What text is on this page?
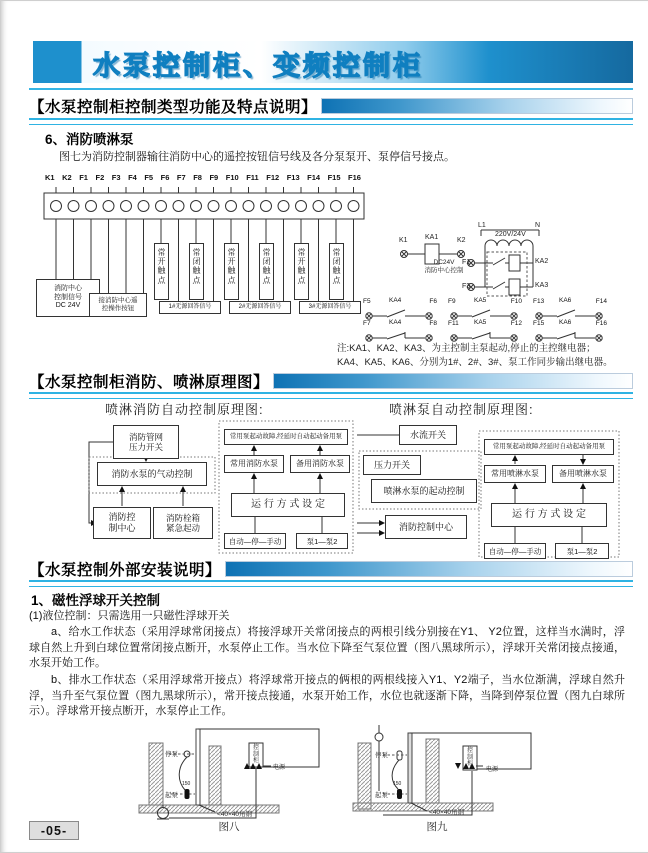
水泵控制柜、变频控制柜
【水泵控制柜控制类型功能及特点说明】
6、消防喷淋泵
图七为消防控制器输往消防中心的遥控按钮信号线及各分泵泵开、泵停信号接点。
K1 K2 F1 F2 F3 F4 F5 F6 F7 F8 F9 F10 F11 F12 F13 F14 F15 F16
消防中心控制信号
DC 24V
接消防中心遥控操作按钮
常开触点
常闭触点
常开触点
常闭触点
常开触点
常闭触点
1#无源回答信号	2#无源回答信号	3#无源回答信号
K1 KA1	K2
DC24V
消防中心控制
L1
220V/24V
N
F1	KA2
F3	KA3
F5	KA4	F6
F7	KA4	F8
F9	KA5	F10
F11 KA5	F12
F13 KA6	F14
F15 KA6	F16
注:KA1、KA2、KA3、为主控制主泵起动,停止的主控继电器；
KA4、KA5、KA6、分别为1#、2#、3#、泵工作同步输出继电器。
【水泵控制柜消防、喷淋原理图】
喷淋消防自动控制原理图:
消防管网压力开关
消防水泵的气动控制
消防控制中心
消防栓箱紧急起动
常用泵起动故障,经延时自动起动备用泵
常用消防水泵	备用消防水泵
运 行 方 式 设 定
自动—停—手动	泵1—泵2
喷淋泵自动控制原理图:
水流开关
压力开关
喷淋水泵的起动控制
消防控制中心
常用泵起动故障,经延时自动起动备用泵
常用喷淋水泵	备用喷淋水泵
运 行 方 式 设 定
自动—停—手动	泵1—泵2
【水泵控制外部安装说明】
1、磁性浮球开关控制
(1)液位控制：只需选用一只磁性浮球开关
a、给水工作状态（采用浮球常闭接点）将接浮球开关常闭接点的两根引线分别接在Y1、 Y2位置，这样当水满时，浮球自然上升到白球位置常闭接点断开，水泵停止工作。当水位下降至气泵位置（图八黑球所示），浮球开关常闭接点接通，水泵开始工作。
b、排水工作状态（采用浮球常开接点）将浮球常开接点的俩根的两根线接入Y1、Y2端子，当水位渐满，浮球自然升浮，当升至气泵位置（图九黑球所示），常开接点接通，水泵开始工作，水位也就逐渐下降，当降到停泵位置（图九白球所示）。浮球常开接点断开，水泵停止工作。
停泵
150
起泵
控制柜
电源
<40×40角钢
图八
停泵
150
起泵
控制柜
电源
<40×40角钢
图九
-05-
